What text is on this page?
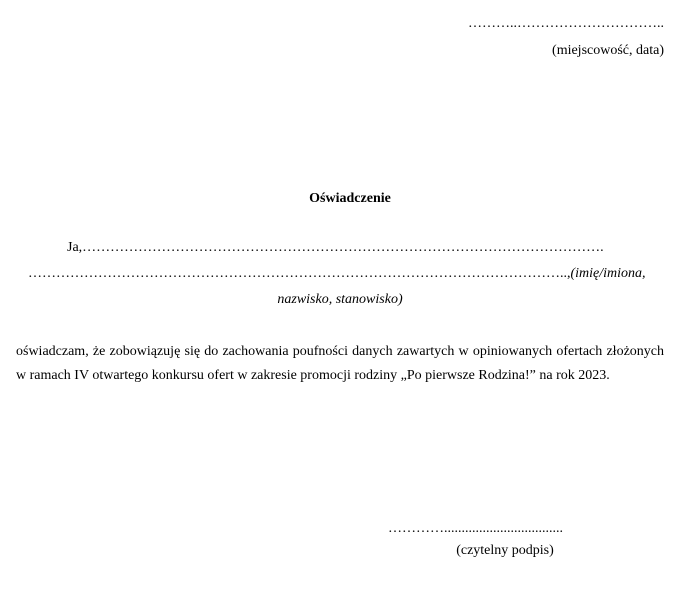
………..…………………………..
(miejscowość, data)
Oświadczenie
Ja,………………………………………………………………………………………………….
……………………………………………………………………………………………………..,(imię/imiona,
nazwisko, stanowisko)
oświadczam, że zobowiązuję się do zachowania poufności danych zawartych w opiniowanych ofertach złożonych w ramach IV otwartego konkursu ofert w zakresie promocji rodziny „Po pierwsze Rodzina!” na rok 2023.
…………..................................
(czytelny podpis)
